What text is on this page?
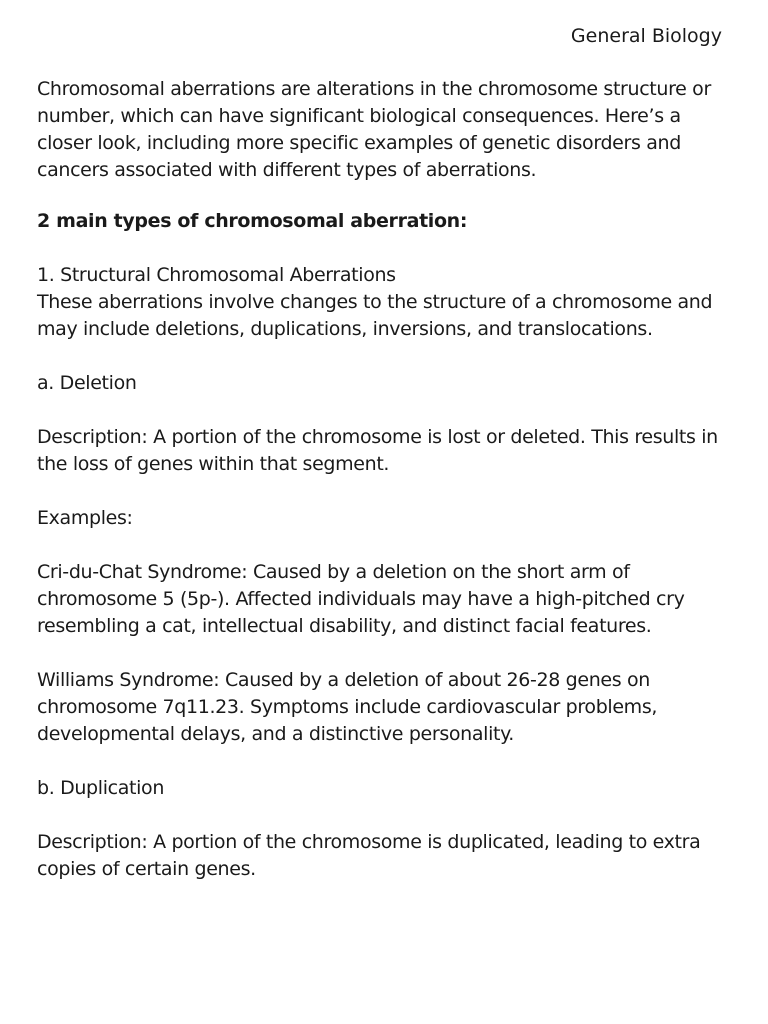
General Biology

Chromosomal aberrations are alterations in the chromosome structure or number, which can have significant biological consequences. Here’s a closer look, including more specific examples of genetic disorders and cancers associated with different types of aberrations.

2 main types of chromosomal aberration:

1. Structural Chromosomal Aberrations

These aberrations involve changes to the structure of a chromosome and may include deletions, duplications, inversions, and translocations.

a. Deletion

Description: A portion of the chromosome is lost or deleted. This results in the loss of genes within that segment.

Examples:

Cri-du-Chat Syndrome: Caused by a deletion on the short arm of chromosome 5 (5p-). Affected individuals may have a high-pitched cry resembling a cat, intellectual disability, and distinct facial features.

Williams Syndrome: Caused by a deletion of about 26-28 genes on chromosome 7q11.23. Symptoms include cardiovascular problems, developmental delays, and a distinctive personality.

b. Duplication

Description: A portion of the chromosome is duplicated, leading to extra copies of certain genes.
